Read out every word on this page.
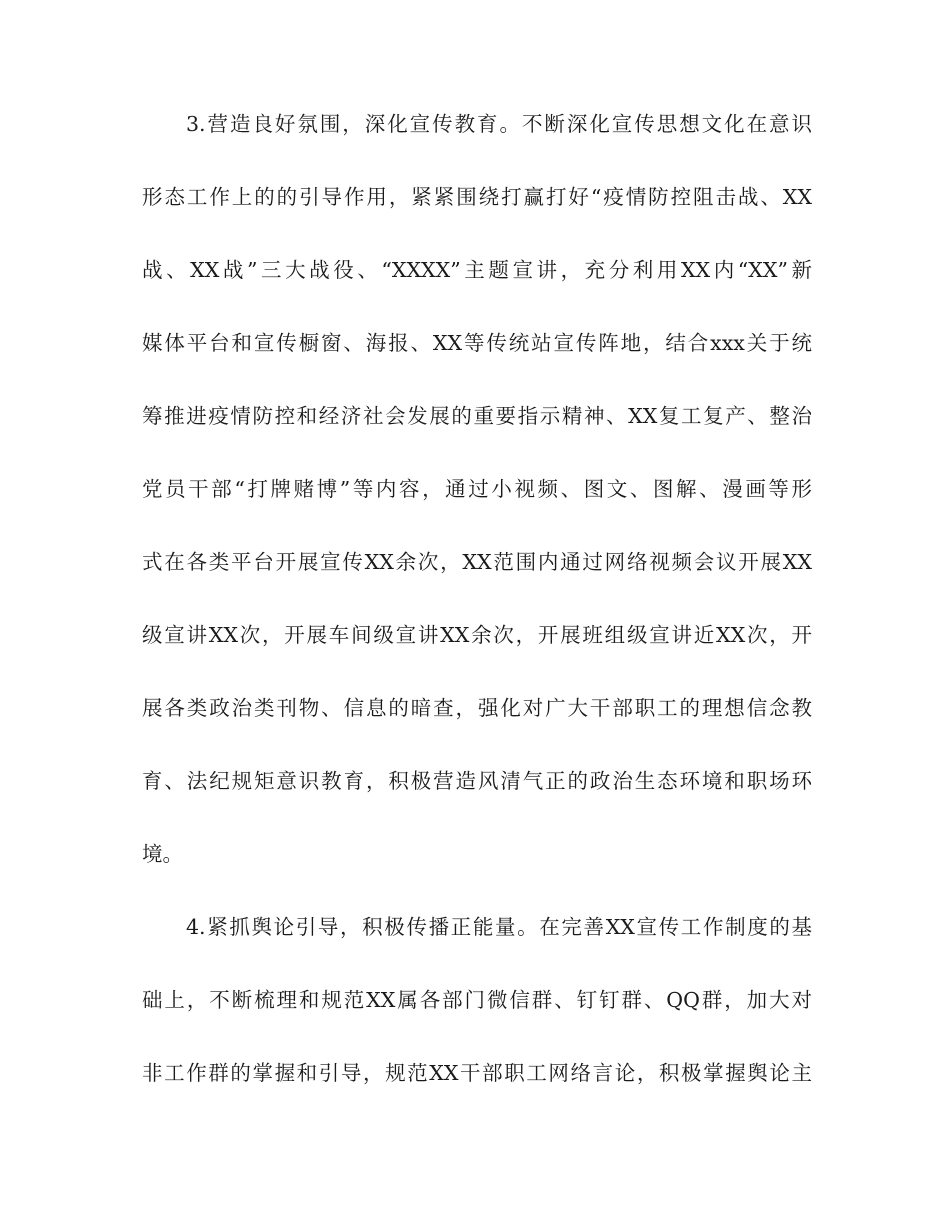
3.营造良好氛围，深化宣传教育。不断深化宣传思想文化在意识
形态工作上的的引导作用，紧紧围绕打赢打好“疫情防控阻击战、XX
战、XX战”三大战役、“XXXX”主题宣讲，充分利用XX内“XX”新
媒体平台和宣传橱窗、海报、XX等传统站宣传阵地，结合xxx关于统
筹推进疫情防控和经济社会发展的重要指示精神、XX复工复产、整治
党员干部“打牌赌博”等内容，通过小视频、图文、图解、漫画等形
式在各类平台开展宣传XX余次，XX范围内通过网络视频会议开展XX
级宣讲XX次，开展车间级宣讲XX余次，开展班组级宣讲近XX次，开
展各类政治类刊物、信息的暗查，强化对广大干部职工的理想信念教
育、法纪规矩意识教育，积极营造风清气正的政治生态环境和职场环
境。
4.紧抓舆论引导，积极传播正能量。在完善XX宣传工作制度的基
础上，不断梳理和规范XX属各部门微信群、钉钉群、QQ群，加大对
非工作群的掌握和引导，规范XX干部职工网络言论，积极掌握舆论主
